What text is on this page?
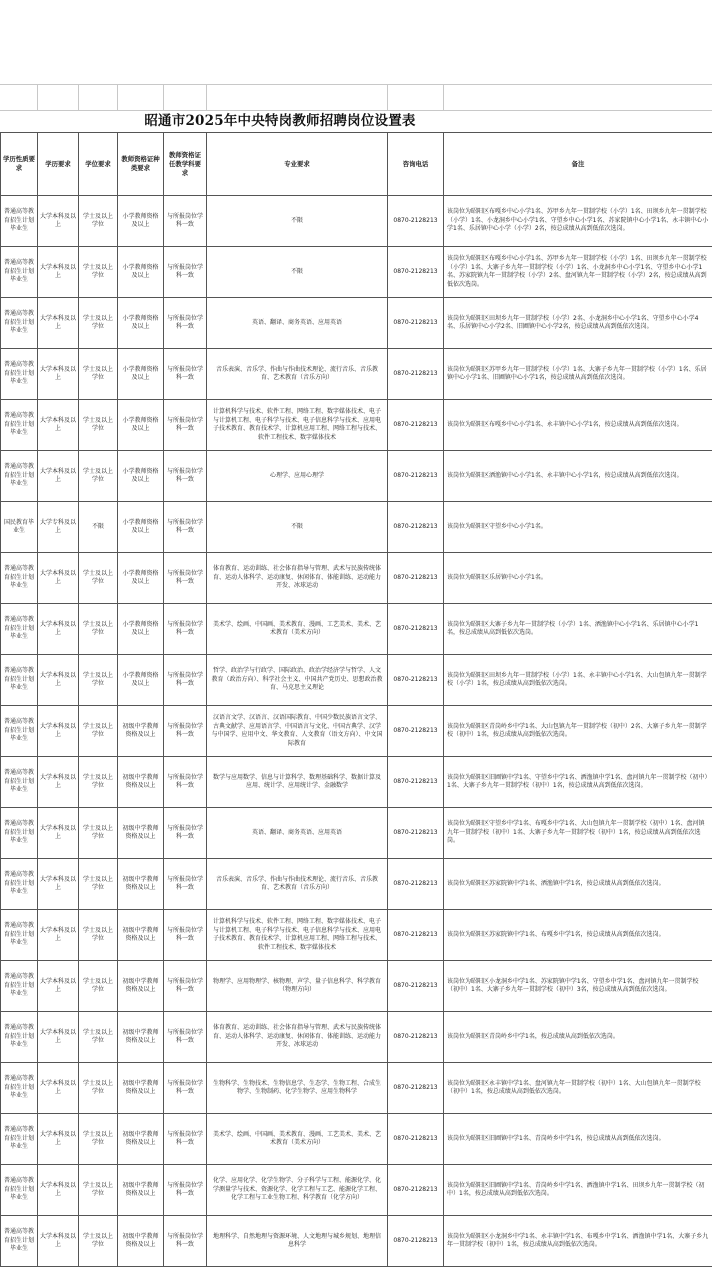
昭通市2025年中央特岗教师招聘岗位设置表
学历性质要求	学历要求	学位要求	教师资格证种类要求	教师资格证任教学科要求	专业要求	咨询电话	备注
普通高等教育招生计划毕业生	大学本科及以上	学士及以上学位	小学教师资格及以上	与所报岗位学科一致	不限	0870-2128213	该岗位为昭阳区布嘎乡中心小学1名、苏甲乡九年一贯制学校（小学）1名、田坝乡九年一贯制学校（小学）1名、小龙洞乡中心小学1名、守望乡中心小学1名、苏家院镇中心小学1名、永丰镇中心小学1名、乐居镇中心小学（小学）2名，按总成绩从高到低依次选岗。
普通高等教育招生计划毕业生	大学本科及以上	学士及以上学位	小学教师资格及以上	与所报岗位学科一致	不限	0870-2128213	该岗位为昭阳区布嘎乡中心小学1名、苏甲乡九年一贯制学校（小学）1名、田坝乡九年一贯制学校（小学）1名、大寨子乡九年一贯制学校（小学）1名、小龙洞乡中心小学1名、守望乡中心小学1名、苏家院镇九年一贯制学校（小学）2名、盘河镇九年一贯制学校（小学）2名，按总成绩从高到低依次选岗。
普通高等教育招生计划毕业生	大学本科及以上	学士及以上学位	小学教师资格及以上	与所报岗位学科一致	英语、翻译、商务英语、应用英语	0870-2128213	该岗位为昭阳区田坝乡九年一贯制学校（小学）2名、小龙洞乡中心小学1名、守望乡中心小学4名、乐居镇中心小学2名、旧圃镇中心小学2名，按总成绩从高到低依次选岗。
普通高等教育招生计划毕业生	大学本科及以上	学士及以上学位	小学教师资格及以上	与所报岗位学科一致	音乐表演、音乐学、作曲与作曲技术理论、流行音乐、音乐教育、艺术教育（音乐方向）	0870-2128213	该岗位为昭阳区苏甲乡九年一贯制学校（小学）1名、大寨子乡九年一贯制学校（小学）1名、乐居镇中心小学1名、旧圃镇中心小学1名，按总成绩从高到低依次选岗。
普通高等教育招生计划毕业生	大学本科及以上	学士及以上学位	小学教师资格及以上	与所报岗位学科一致	计算机科学与技术、软件工程、网络工程、数字媒体技术、电子与计算机工程、电子科学与技术、电子信息科学与技术、应用电子技术教育、教育技术学、计算机应用工程、网络工程与技术、软件工程技术、数字媒体技术	0870-2128213	该岗位为昭阳区布嘎乡中心小学1名、永丰镇中心小学1名，按总成绩从高到低依次选岗。
普通高等教育招生计划毕业生	大学本科及以上	学士及以上学位	小学教师资格及以上	与所报岗位学科一致	心理学、应用心理学	0870-2128213	该岗位为昭阳区洒渔镇中心小学1名、永丰镇中心小学1名，按总成绩从高到低依次选岗。
国民教育毕业生	大学专科及以上	不限	小学教师资格及以上	与所报岗位学科一致	不限	0870-2128213	该岗位为昭阳区守望乡中心小学1名。
普通高等教育招生计划毕业生	大学本科及以上	学士及以上学位	小学教师资格及以上	与所报岗位学科一致	体育教育、运动训练、社会体育指导与管理、武术与民族传统体育、运动人体科学、运动康复、休闲体育、体能训练、运动能力开发、冰球运动	0870-2128213	该岗位为昭阳区乐居镇中心小学1名。
普通高等教育招生计划毕业生	大学本科及以上	学士及以上学位	小学教师资格及以上	与所报岗位学科一致	美术学、绘画、中国画、美术教育、漫画、工艺美术、美术、艺术教育（美术方向）	0870-2128213	该岗位为昭阳区大寨子乡九年一贯制学校（小学）1名、洒渔镇中心小学1名、乐居镇中心小学1名，按总成绩从高到低依次选岗。
普通高等教育招生计划毕业生	大学本科及以上	学士及以上学位	小学教师资格及以上	与所报岗位学科一致	哲学、政治学与行政学、国际政治、政治学经济学与哲学、人文教育（政治方向）、科学社会主义、中国共产党历史、思想政治教育、马克思主义理论	0870-2128213	该岗位为昭阳区田坝乡九年一贯制学校（小学）1名、永丰镇中心小学1名、大山包镇九年一贯制学校（小学）1名，按总成绩从高到低依次选岗。
普通高等教育招生计划毕业生	大学本科及以上	学士及以上学位	初级中学教师资格及以上	与所报岗位学科一致	汉语言文学、汉语言、汉语国际教育、中国少数民族语言文学、古典文献学、应用语言学、中国语言与文化、中国古典学、汉学与中国学、应用中文、华文教育、人文教育（语文方向）、中文国际教育	0870-2128213	该岗位为昭阳区青岗岭乡中学1名、大山包镇九年一贯制学校（初中）2名、大寨子乡九年一贯制学校（初中）1名，按总成绩从高到低依次选岗。
普通高等教育招生计划毕业生	大学本科及以上	学士及以上学位	初级中学教师资格及以上	与所报岗位学科一致	数学与应用数学、信息与计算科学、数理基础科学、数据计算及应用、统计学、应用统计学、金融数学	0870-2128213	该岗位为昭阳区旧圃镇中学1名、守望乡中学1名、洒渔镇中学1名、盘河镇九年一贯制学校（初中）1名、大寨子乡九年一贯制学校（初中）1名，按总成绩从高到低依次选岗。
普通高等教育招生计划毕业生	大学本科及以上	学士及以上学位	初级中学教师资格及以上	与所报岗位学科一致	英语、翻译、商务英语、应用英语	0870-2128213	该岗位为昭阳区守望乡中学1名、布嘎乡中学1名、大山包镇九年一贯制学校（初中）1名、盘河镇九年一贯制学校（初中）1名、大寨子乡九年一贯制学校（初中）1名，按总成绩从高到低依次选岗。
普通高等教育招生计划毕业生	大学本科及以上	学士及以上学位	初级中学教师资格及以上	与所报岗位学科一致	音乐表演、音乐学、作曲与作曲技术理论、流行音乐、音乐教育、艺术教育（音乐方向）	0870-2128213	该岗位为昭阳区苏家院镇中学1名、洒渔镇中学1名，按总成绩从高到低依次选岗。
普通高等教育招生计划毕业生	大学本科及以上	学士及以上学位	初级中学教师资格及以上	与所报岗位学科一致	计算机科学与技术、软件工程、网络工程、数字媒体技术、电子与计算机工程、电子科学与技术、电子信息科学与技术、应用电子技术教育、教育技术学、计算机应用工程、网络工程与技术、软件工程技术、数字媒体技术	0870-2128213	该岗位为昭阳区苏家院镇中学1名、布嘎乡中学1名，按总成绩从高到低依次选岗。
普通高等教育招生计划毕业生	大学本科及以上	学士及以上学位	初级中学教师资格及以上	与所报岗位学科一致	物理学、应用物理学、核物理、声学、量子信息科学、科学教育（物理方向）	0870-2128213	该岗位为昭阳区小龙洞乡中学1名、苏家院镇中学1名、守望乡中学1名、盘河镇九年一贯制学校（初中）1名、大寨子乡九年一贯制学校（初中）3名，按总成绩从高到低依次选岗。
普通高等教育招生计划毕业生	大学本科及以上	学士及以上学位	初级中学教师资格及以上	与所报岗位学科一致	体育教育、运动训练、社会体育指导与管理、武术与民族传统体育、运动人体科学、运动康复、休闲体育、体能训练、运动能力开发、冰球运动	0870-2128213	该岗位为昭阳区青岗岭乡中学1名，按总成绩从高到低依次选岗。
普通高等教育招生计划毕业生	大学本科及以上	学士及以上学位	初级中学教师资格及以上	与所报岗位学科一致	生物科学、生物技术、生物信息学、生态学、生物工程、合成生物学、生物制药、化学生物学、应用生物科学	0870-2128213	该岗位为昭阳区永丰镇中学1名、盘河镇九年一贯制学校（初中）1名、大山包镇九年一贯制学校（初中）1名，按总成绩从高到低依次选岗。
普通高等教育招生计划毕业生	大学本科及以上	学士及以上学位	初级中学教师资格及以上	与所报岗位学科一致	美术学、绘画、中国画、美术教育、漫画、工艺美术、美术、艺术教育（美术方向）	0870-2128213	该岗位为昭阳区旧圃镇中学1名、青岗岭乡中学1名，按总成绩从高到低依次选岗。
普通高等教育招生计划毕业生	大学本科及以上	学士及以上学位	初级中学教师资格及以上	与所报岗位学科一致	化学、应用化学、化学生物学、分子科学与工程、能源化学、化学测量学与技术、资源化学、化学工程与工艺、能源化学工程、化学工程与工业生物工程、科学教育（化学方向）	0870-2128213	该岗位为昭阳区旧圃镇中学1名、青岗岭乡中学1名、洒渔镇中学1名、田坝乡九年一贯制学校（初中）1名，按总成绩从高到低依次选岗。
普通高等教育招生计划毕业生	大学本科及以上	学士及以上学位	初级中学教师资格及以上	与所报岗位学科一致	地理科学、自然地理与资源环境、人文地理与城乡规划、地理信息科学	0870-2128213	该岗位为昭阳区小龙洞乡中学1名、永丰镇中学1名、布嘎乡中学1名、洒渔镇中学1名、大寨子乡九年一贯制学校（初中）1名，按总成绩从高到低依次选岗。
